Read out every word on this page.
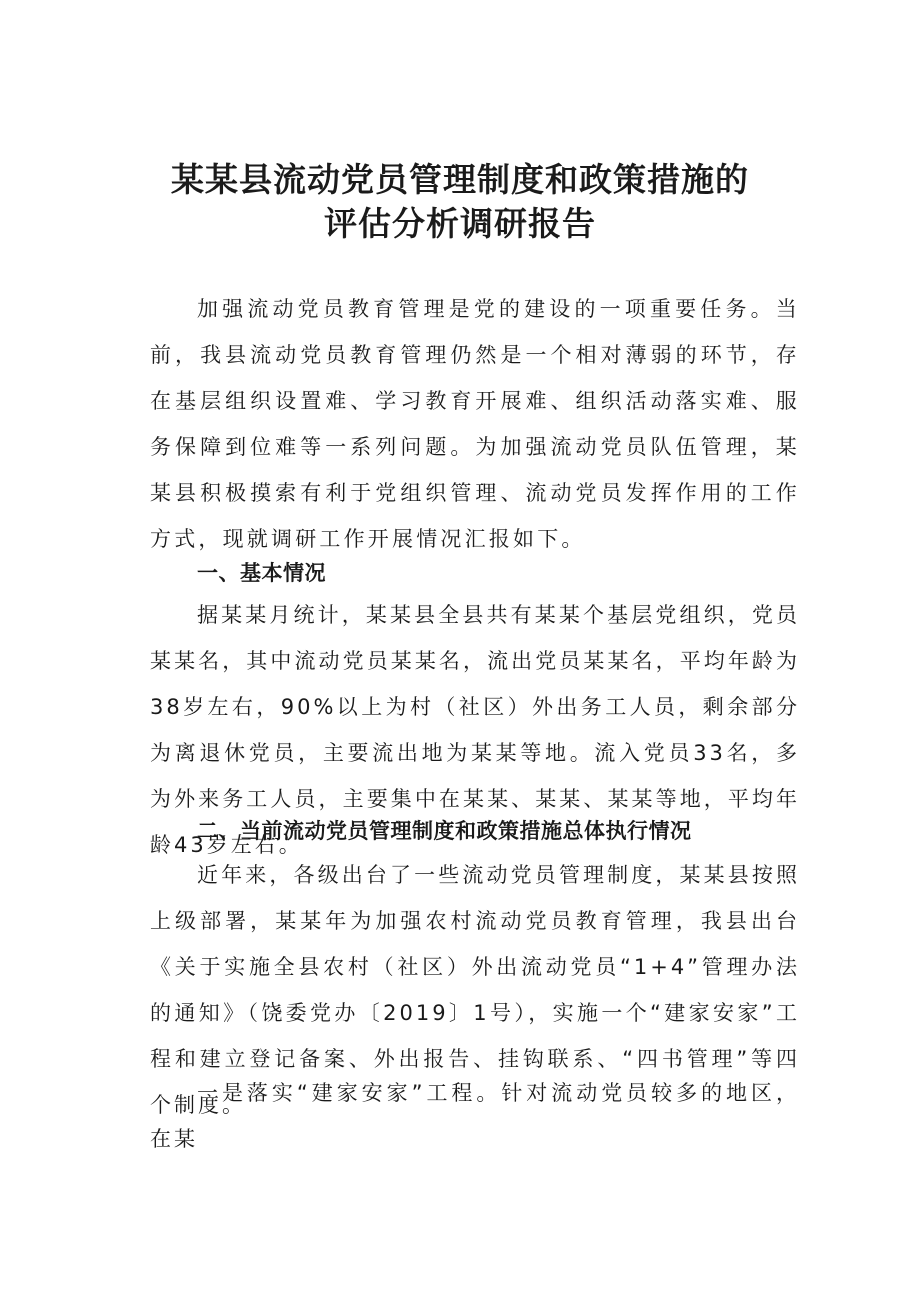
某某县流动党员管理制度和政策措施的
评估分析调研报告

加强流动党员教育管理是党的建设的一项重要任务。当前，我县流动党员教育管理仍然是一个相对薄弱的环节，存在基层组织设置难、学习教育开展难、组织活动落实难、服务保障到位难等一系列问题。为加强流动党员队伍管理，某某县积极摸索有利于党组织管理、流动党员发挥作用的工作方式，现就调研工作开展情况汇报如下。

一、基本情况

据某某月统计，某某县全县共有某某个基层党组织，党员某某名，其中流动党员某某名，流出党员某某名，平均年龄为38岁左右，90%以上为村（社区）外出务工人员，剩余部分为离退休党员，主要流出地为某某等地。流入党员33名，多为外来务工人员，主要集中在某某、某某、某某等地，平均年龄43岁左右。

二、当前流动党员管理制度和政策措施总体执行情况

近年来，各级出台了一些流动党员管理制度，某某县按照上级部署，某某年为加强农村流动党员教育管理，我县出台《关于实施全县农村（社区）外出流动党员“1+4”管理办法的通知》（饶委党办〔2019〕1号），实施一个“建家安家”工程和建立登记备案、外出报告、挂钩联系、“四书管理”等四个制度。

一是落实“建家安家”工程。针对流动党员较多的地区，在某
